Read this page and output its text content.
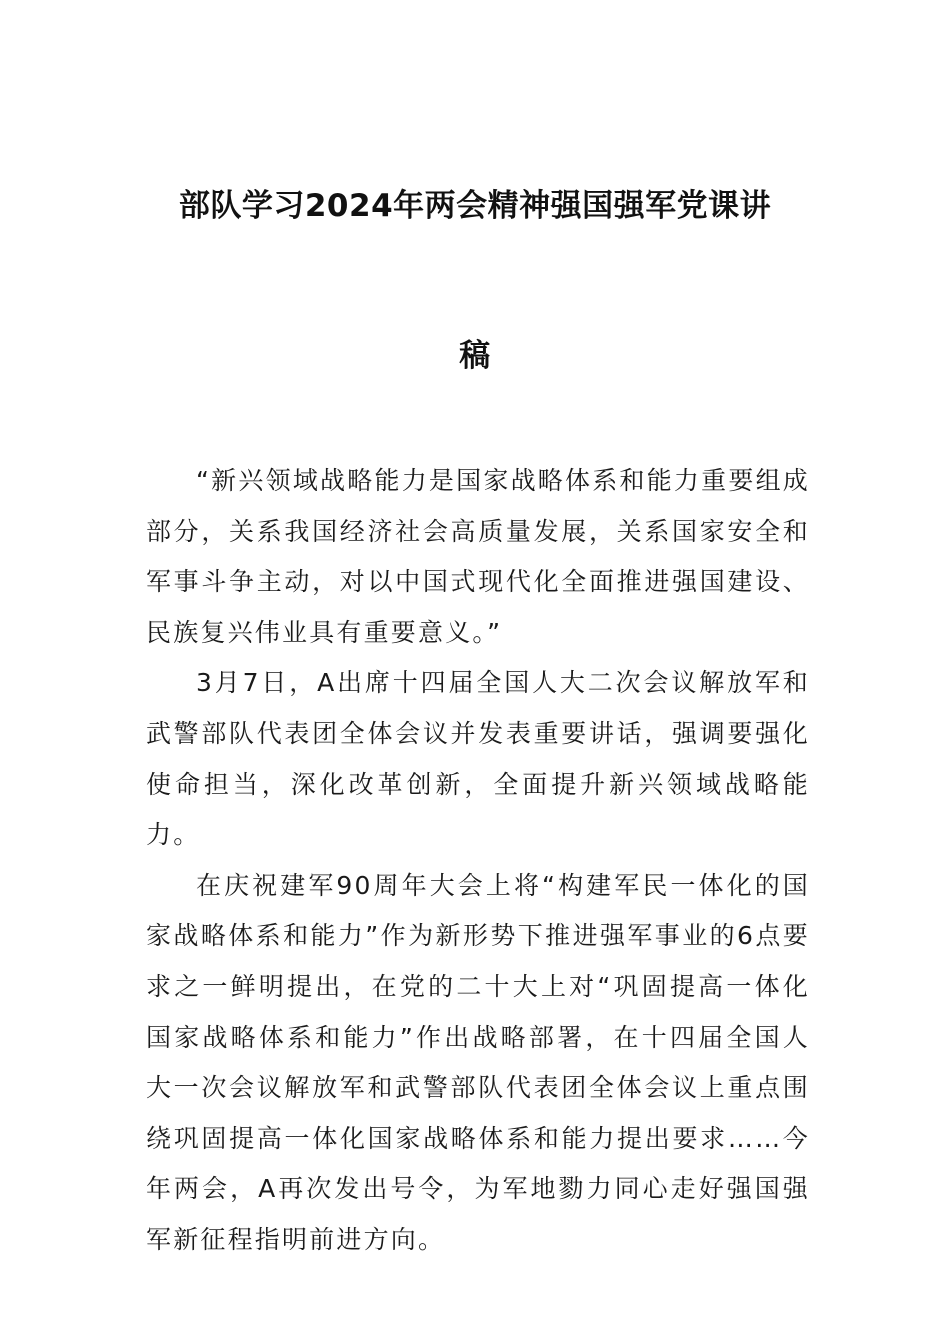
部队学习2024年两会精神强国强军党课讲
稿

“新兴领域战略能力是国家战略体系和能力重要组成部分，关系我国经济社会高质量发展，关系国家安全和军事斗争主动，对以中国式现代化全面推进强国建设、民族复兴伟业具有重要意义。”

3月7日，A出席十四届全国人大二次会议解放军和武警部队代表团全体会议并发表重要讲话，强调要强化使命担当，深化改革创新，全面提升新兴领域战略能力。

在庆祝建军90周年大会上将“构建军民一体化的国家战略体系和能力”作为新形势下推进强军事业的6点要求之一鲜明提出，在党的二十大上对“巩固提高一体化国家战略体系和能力”作出战略部署，在十四届全国人大一次会议解放军和武警部队代表团全体会议上重点围绕巩固提高一体化国家战略体系和能力提出要求……今年两会，A再次发出号令，为军地勠力同心走好强国强军新征程指明前进方向。
